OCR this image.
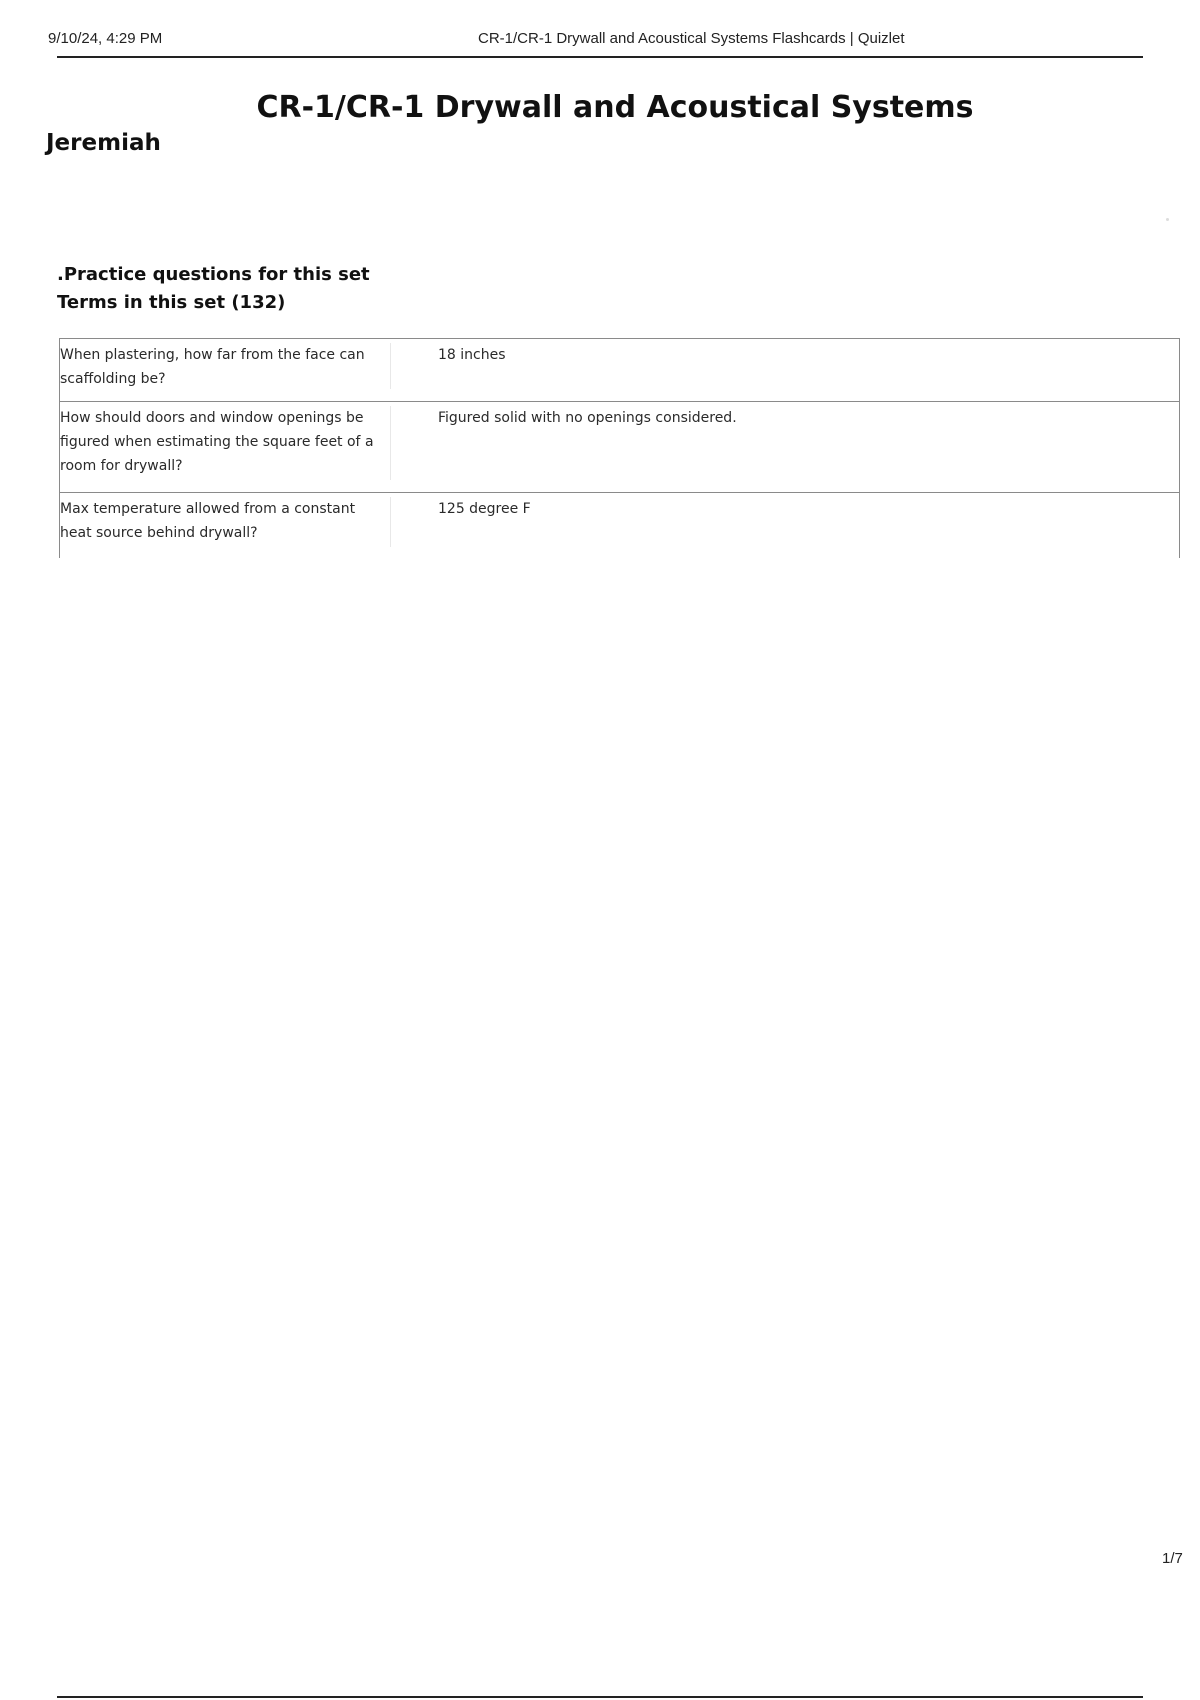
9/10/24, 4:29 PM	CR-1/CR-1 Drywall and Acoustical Systems Flashcards | Quizlet
CR-1/CR-1 Drywall and Acoustical Systems
Jeremiah
.Practice questions for this set
Terms in this set (132)
When plastering, how far from the face can scaffolding be?
18 inches
How should doors and window openings be figured when estimating the square feet of a room for drywall?
Figured solid with no openings considered.
Max temperature allowed from a constant heat source behind drywall?
125 degree F
1/7
